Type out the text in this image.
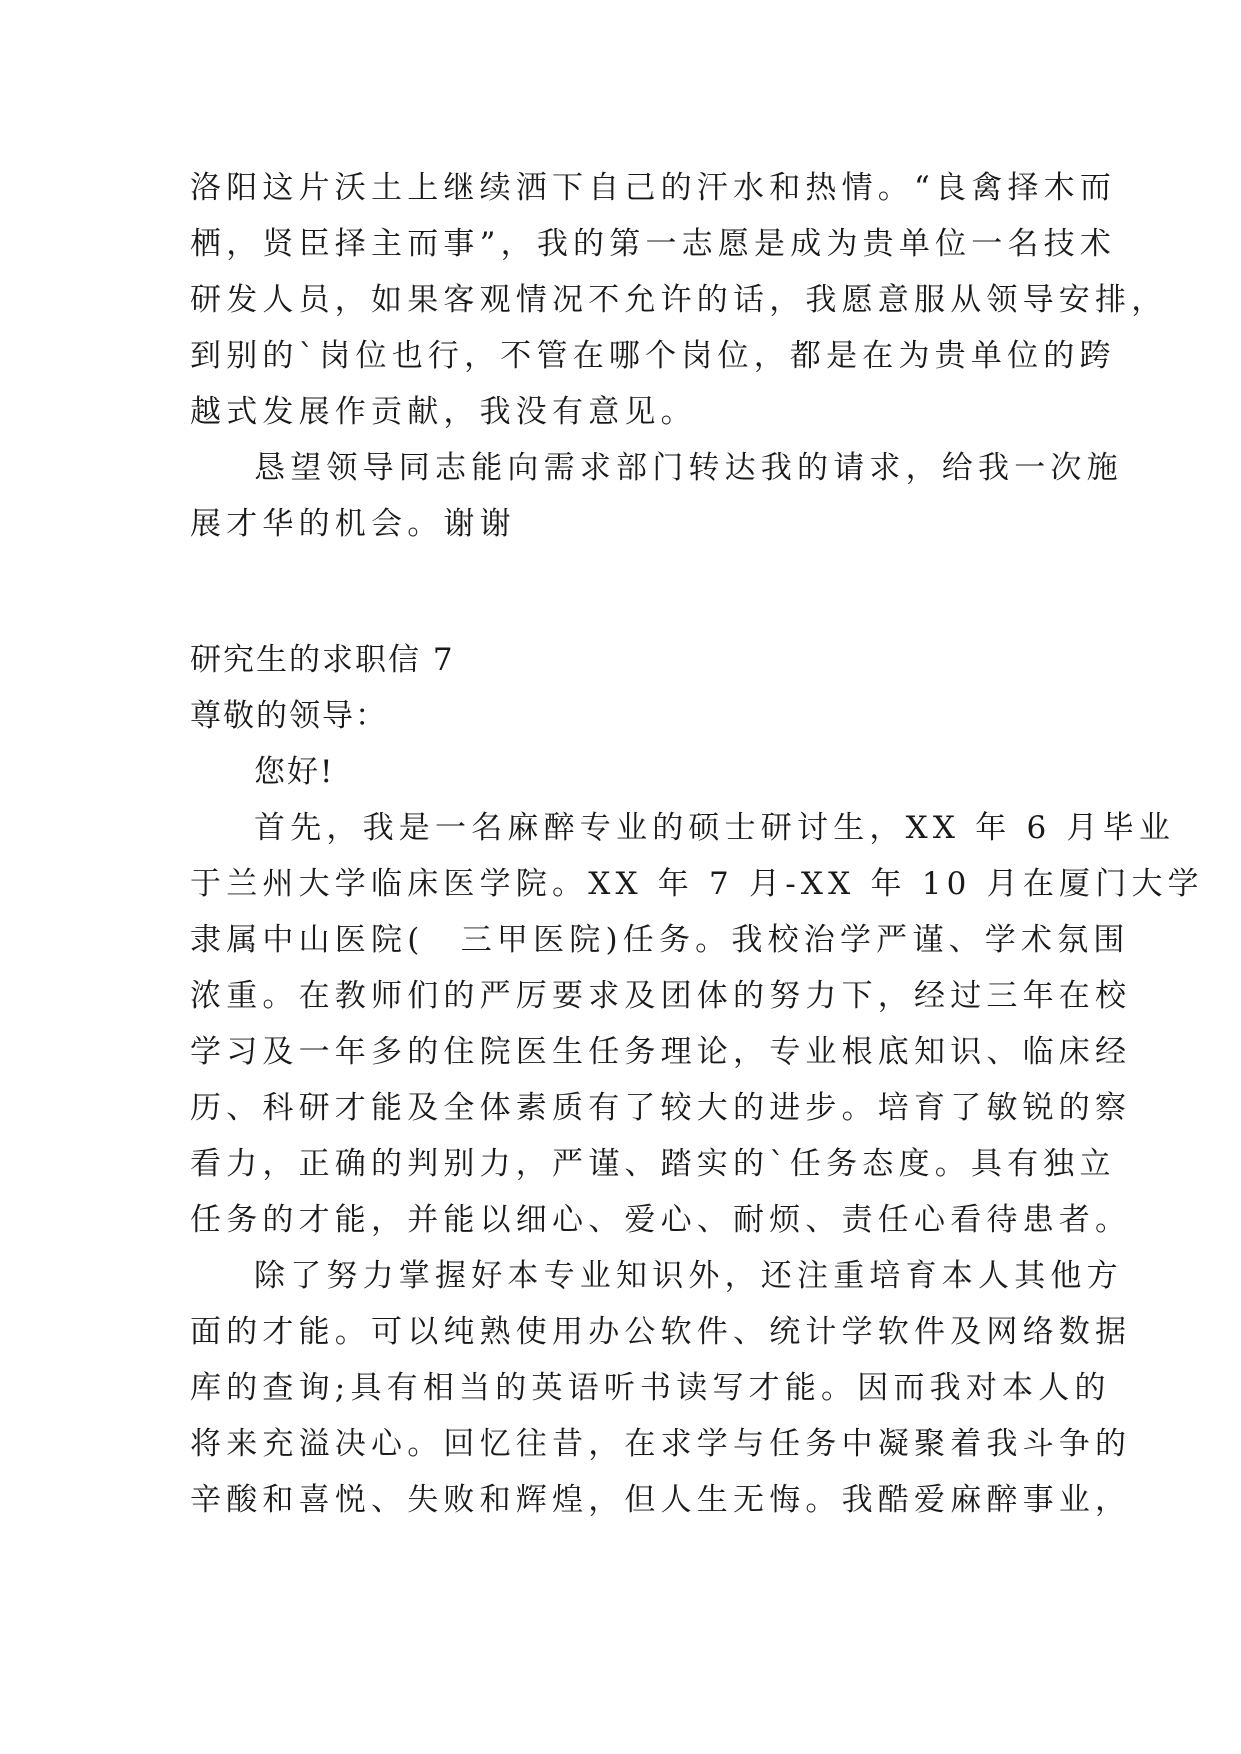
洛阳这片沃土上继续洒下自己的汗水和热情。“良禽择木而
栖，贤臣择主而事”，我的第一志愿是成为贵单位一名技术
研发人员，如果客观情况不允许的话，我愿意服从领导安排，
到别的`岗位也行，不管在哪个岗位，都是在为贵单位的跨
越式发展作贡献，我没有意见。
恳望领导同志能向需求部门转达我的请求，给我一次施
展才华的机会。谢谢
研究生的求职信 7
尊敬的领导：
您好!
首先，我是一名麻醉专业的硕士研讨生，XX 年 6 月毕业
于兰州大学临床医学院。XX 年 7 月-XX 年 10 月在厦门大学
隶属中山医院(　三甲医院)任务。我校治学严谨、学术氛围
浓重。在教师们的严厉要求及团体的努力下，经过三年在校
学习及一年多的住院医生任务理论，专业根底知识、临床经
历、科研才能及全体素质有了较大的进步。培育了敏锐的察
看力，正确的判别力，严谨、踏实的`任务态度。具有独立
任务的才能，并能以细心、爱心、耐烦、责任心看待患者。
除了努力掌握好本专业知识外，还注重培育本人其他方
面的才能。可以纯熟使用办公软件、统计学软件及网络数据
库的查询;具有相当的英语听书读写才能。因而我对本人的
将来充溢决心。回忆往昔，在求学与任务中凝聚着我斗争的
辛酸和喜悦、失败和辉煌，但人生无悔。我酷爱麻醉事业，
